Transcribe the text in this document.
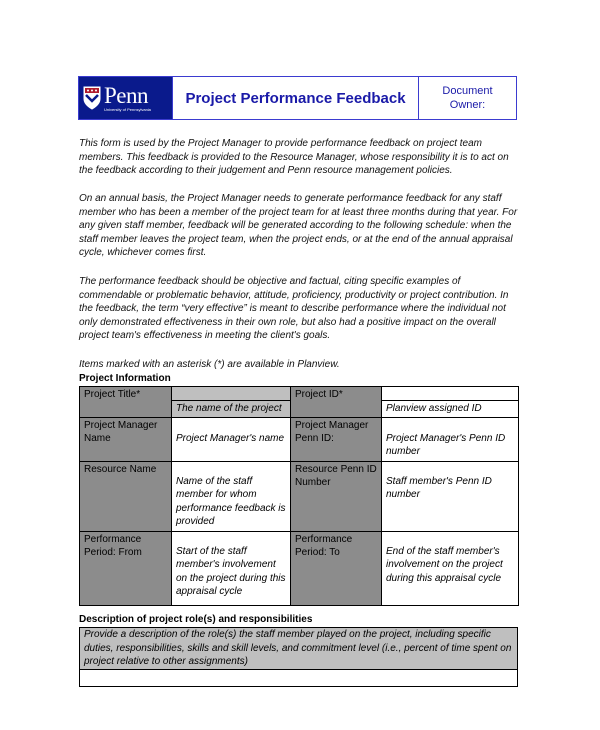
Penn
University of Pennsylvania
Project Performance Feedback	Document
Owner:

This form is used by the Project Manager to provide performance feedback on project team members. This feedback is provided to the Resource Manager, whose responsibility it is to act on the feedback according to their judgement and Penn resource management policies.

On an annual basis, the Project Manager needs to generate performance feedback for any staff member who has been a member of the project team for at least three months during that year. For any given staff member, feedback will be generated according to the following schedule: when the staff member leaves the project team, when the project ends, or at the end of the annual appraisal cycle, whichever comes first.

The performance feedback should be objective and factual, citing specific examples of commendable or problematic behavior, attitude, proficiency, productivity or project contribution. In the feedback, the term “very effective” is meant to describe performance where the individual not only demonstrated effectiveness in their own role, but also had a positive impact on the overall project team's effectiveness in meeting the client's goals.

Items marked with an asterisk (*) are available in Planview.

Project Information
Project Title*		Project ID*	
	The name of the project		Planview assigned ID
Project Manager Name	Project Manager's name	Project Manager Penn ID:	Project Manager's Penn ID number
Resource Name	Name of the staff member for whom performance feedback is provided	Resource Penn ID Number	Staff member's Penn ID number
Performance Period: From	Start of the staff member's involvement on the project during this appraisal cycle	Performance Period: To	End of the staff member's involvement on the project during this appraisal cycle
Description of project role(s) and responsibilities
Provide a description of the role(s) the staff member played on the project, including specific duties, responsibilities, skills and skill levels, and commitment level (i.e., percent of time spent on project relative to other assignments)
